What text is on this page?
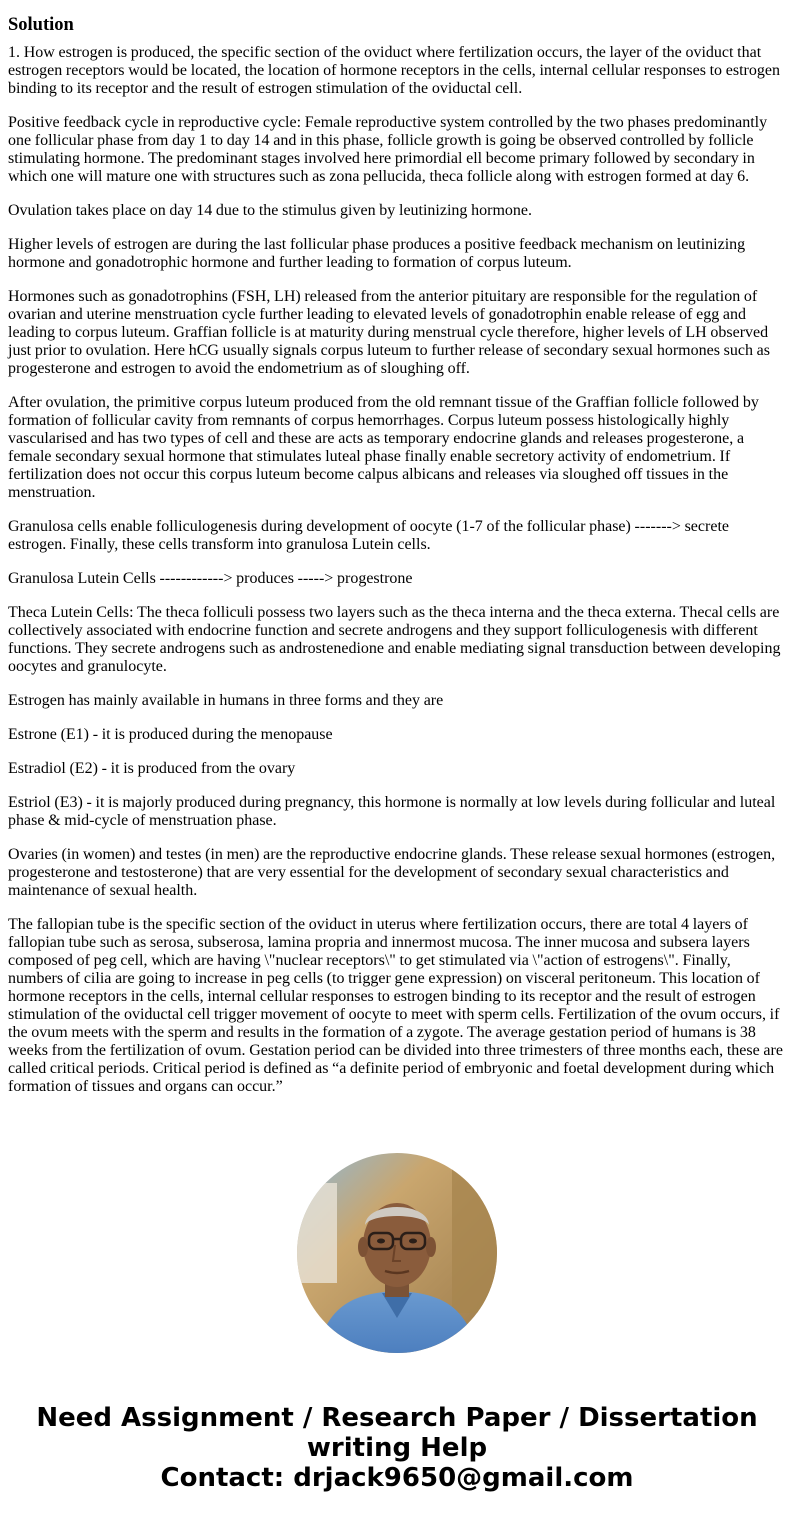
Solution

1. How estrogen is produced, the specific section of the oviduct where fertilization occurs, the layer of the oviduct that estrogen receptors would be located, the location of hormone receptors in the cells, internal cellular responses to estrogen binding to its receptor and the result of estrogen stimulation of the oviductal cell.

Positive feedback cycle in reproductive cycle: Female reproductive system controlled by the two phases predominantly one follicular phase from day 1 to day 14 and in this phase, follicle growth is going be observed controlled by follicle stimulating hormone. The predominant stages involved here primordial ell become primary followed by secondary in which one will mature one with structures such as zona pellucida, theca follicle along with estrogen formed at day 6.

Ovulation takes place on day 14 due to the stimulus given by leutinizing hormone.

Higher levels of estrogen are during the last follicular phase produces a positive feedback mechanism on leutinizing hormone and gonadotrophic hormone and further leading to formation of corpus luteum.

Hormones such as gonadotrophins (FSH, LH) released from the anterior pituitary are responsible for the regulation of ovarian and uterine menstruation cycle further leading to elevated levels of gonadotrophin enable release of egg and leading to corpus luteum. Graffian follicle is at maturity during menstrual cycle therefore, higher levels of LH observed just prior to ovulation. Here hCG usually signals corpus luteum to further release of secondary sexual hormones such as progesterone and estrogen to avoid the endometrium as of sloughing off.

After ovulation, the primitive corpus luteum produced from the old remnant tissue of the Graffian follicle followed by formation of follicular cavity from remnants of corpus hemorrhages. Corpus luteum possess histologically highly vascularised and has two types of cell and these are acts as temporary endocrine glands and releases progesterone, a female secondary sexual hormone that stimulates luteal phase finally enable secretory activity of endometrium. If fertilization does not occur this corpus luteum become calpus albicans and releases via sloughed off tissues in the menstruation.

Granulosa cells enable folliculogenesis during development of oocyte (1-7 of the follicular phase) -------> secrete estrogen. Finally, these cells transform into granulosa Lutein cells.

Granulosa Lutein Cells ------------> produces -----> progestrone

Theca Lutein Cells: The theca folliculi possess two layers such as the theca interna and the theca externa. Thecal cells are collectively associated with endocrine function and secrete androgens and they support folliculogenesis with different functions. They secrete androgens such as androstenedione and enable mediating signal transduction between developing oocytes and granulocyte.

Estrogen has mainly available in humans in three forms and they are

Estrone (E1) - it is produced during the menopause

Estradiol (E2) - it is produced from the ovary

Estriol (E3) - it is majorly produced during pregnancy, this hormone is normally at low levels during follicular and luteal phase & mid-cycle of menstruation phase.

Ovaries (in women) and testes (in men) are the reproductive endocrine glands. These release sexual hormones (estrogen, progesterone and testosterone) that are very essential for the development of secondary sexual characteristics and maintenance of sexual health.

The fallopian tube is the specific section of the oviduct in uterus where fertilization occurs, there are total 4 layers of fallopian tube such as serosa, subserosa, lamina propria and innermost mucosa. The inner mucosa and subsera layers composed of peg cell, which are having \"nuclear receptors\" to get stimulated via \"action of estrogens\". Finally, numbers of cilia are going to increase in peg cells (to trigger gene expression) on visceral peritoneum. This location of hormone receptors in the cells, internal cellular responses to estrogen binding to its receptor and the result of estrogen stimulation of the oviductal cell trigger movement of oocyte to meet with sperm cells. Fertilization of the ovum occurs, if the ovum meets with the sperm and results in the formation of a zygote. The average gestation period of humans is 38 weeks from the fertilization of ovum. Gestation period can be divided into three trimesters of three months each, these are called critical periods. Critical period is defined as “a definite period of embryonic and foetal development during which formation of tissues and organs can occur.”

Need Assignment / Research Paper / Dissertation
writing Help
Contact: drjack9650@gmail.com
